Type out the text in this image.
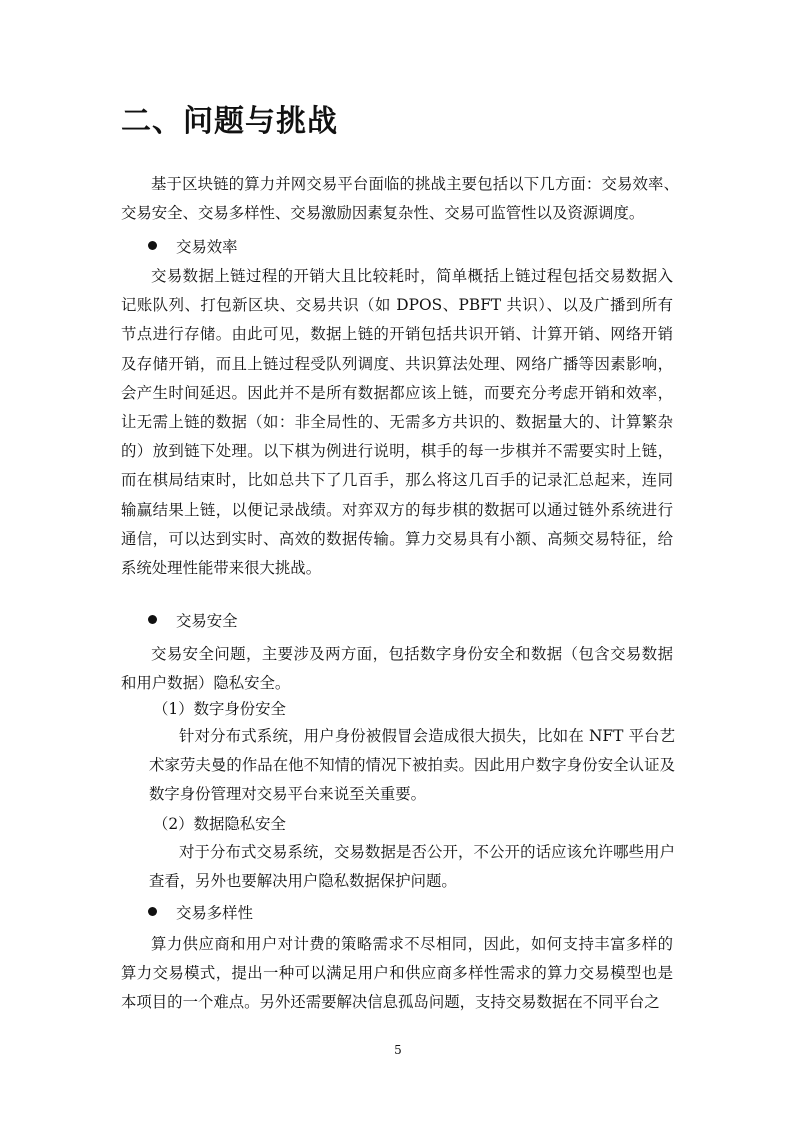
二、问题与挑战

基于区块链的算力并网交易平台面临的挑战主要包括以下几方面：交易效率、交易安全、交易多样性、交易激励因素复杂性、交易可监管性以及资源调度。

交易效率

交易数据上链过程的开销大且比较耗时，简单概括上链过程包括交易数据入记账队列、打包新区块、交易共识（如 DPOS、PBFT 共识）、以及广播到所有节点进行存储。由此可见，数据上链的开销包括共识开销、计算开销、网络开销及存储开销，而且上链过程受队列调度、共识算法处理、网络广播等因素影响，会产生时间延迟。因此并不是所有数据都应该上链，而要充分考虑开销和效率，让无需上链的数据（如：非全局性的、无需多方共识的、数据量大的、计算繁杂的）放到链下处理。以下棋为例进行说明，棋手的每一步棋并不需要实时上链，而在棋局结束时，比如总共下了几百手，那么将这几百手的记录汇总起来，连同输赢结果上链，以便记录战绩。对弈双方的每步棋的数据可以通过链外系统进行通信，可以达到实时、高效的数据传输。算力交易具有小额、高频交易特征，给系统处理性能带来很大挑战。

交易安全

交易安全问题，主要涉及两方面，包括数字身份安全和数据（包含交易数据和用户数据）隐私安全。

（1）数字身份安全

针对分布式系统，用户身份被假冒会造成很大损失，比如在 NFT 平台艺术家劳夫曼的作品在他不知情的情况下被拍卖。因此用户数字身份安全认证及数字身份管理对交易平台来说至关重要。

（2）数据隐私安全

对于分布式交易系统，交易数据是否公开，不公开的话应该允许哪些用户查看，另外也要解决用户隐私数据保护问题。

交易多样性

算力供应商和用户对计费的策略需求不尽相同，因此，如何支持丰富多样的算力交易模式，提出一种可以满足用户和供应商多样性需求的算力交易模型也是本项目的一个难点。另外还需要解决信息孤岛问题，支持交易数据在不同平台之

5
